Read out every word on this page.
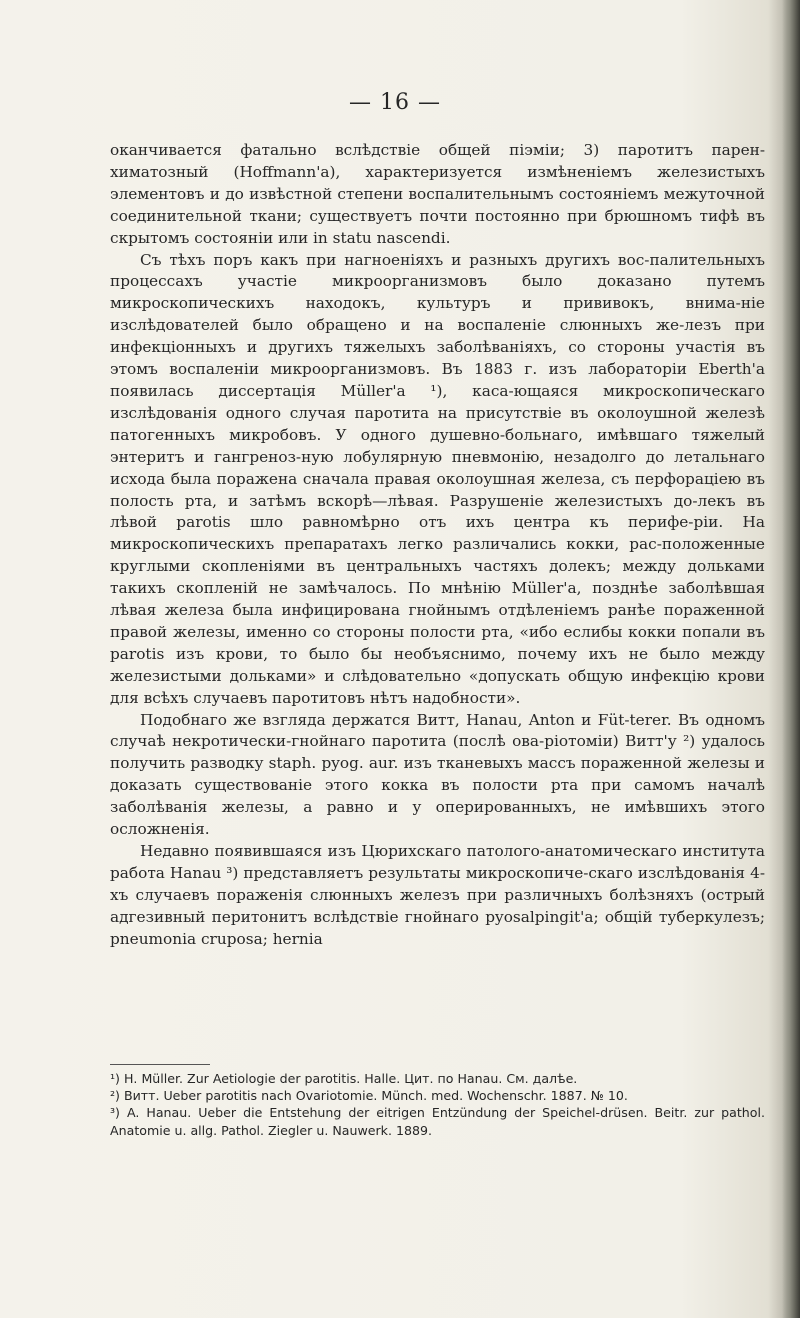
— 16 —

оканчивается фатально вслѣдствіе общей піэміи; 3) паротитъ парен-химатозный (Hoffmann'a), характеризуется измѣненіемъ железистыхъ элементовъ и до извѣстной степени воспалительнымъ состояніемъ межуточной соединительной ткани; существуетъ почти постоянно при брюшномъ тифѣ въ скрытомъ состояніи или in statu nascendi.

Съ тѣхъ поръ какъ при нагноеніяхъ и разныхъ другихъ вос-палительныхъ процессахъ участіе микроорганизмовъ было доказано путемъ микроскопическихъ находокъ, культуръ и прививокъ, внима-ніе изслѣдователей было обращено и на воспаленіе слюнныхъ же-лезъ при инфекціонныхъ и другихъ тяжелыхъ заболѣваніяхъ, со стороны участія въ этомъ воспаленіи микроорганизмовъ. Въ 1883 г. изъ лабораторіи Eberth'а появилась диссертація Müller'а ¹), каса-ющаяся микроскопическаго изслѣдованія одного случая паротита на присутствіе въ околоушной железѣ патогенныхъ микробовъ. У одного душевно-больнаго, имѣвшаго тяжелый энтеритъ и гангреноз-ную лобулярную пневмонію, незадолго до летальнаго исхода была поражена сначала правая околоушная железа, съ перфораціею въ полость рта, и затѣмъ вскорѣ—лѣвая. Разрушеніе железистыхъ до-лекъ въ лѣвой parotis шло равномѣрно отъ ихъ центра къ перифе-ріи. На микроскопическихъ препаратахъ легко различались кокки, рас-положенные круглыми скопленіями въ центральныхъ частяхъ долекъ; между дольками такихъ скопленій не замѣчалось. По мнѣнію Müller'а, позднѣе заболѣвшая лѣвая железа была инфицирована гнойнымъ отдѣленіемъ ранѣе пораженной правой железы, именно со стороны полости рта, «ибо еслибы кокки попали въ parotis изъ крови, то было бы необъяснимо, почему ихъ не было между железистыми дольками» и слѣдовательно «допускать общую инфекцію крови для всѣхъ случаевъ паротитовъ нѣтъ надобности».

Подобнаго же взгляда держатся Витт, Hanau, Anton и Füt-terer. Въ одномъ случаѣ некротически-гнойнаго паротита (послѣ ова-ріотоміи) Витт'у ²) удалось получить разводку staph. pyog. aur. изъ тканевыхъ массъ пораженной железы и доказать существованіе этого кокка въ полости рта при самомъ началѣ заболѣванія железы, а равно и у оперированныхъ, не имѣвшихъ этого осложненія.

Недавно появившаяся изъ Цюрихскаго патолого-анатомическаго института работа Hanau ³) представляетъ результаты микроскопиче-скаго изслѣдованія 4-хъ случаевъ пораженія слюнныхъ железъ при различныхъ болѣзняхъ (острый адгезивный перитонитъ вслѣдствіе гнойнаго pyosalpingit'a; общій туберкулезъ; pneumonia cruposa; hernia

¹) Н. Müller. Zur Aetiologie der parotitis. Halle. Цит. по Hanau. См. далѣе.

²) Витт. Ueber parotitis nach Ovariotomie. Münch. med. Wochenschr. 1887. № 10.

³) A. Hanau. Ueber die Entstehung der eitrigen Entzündung der Speichel-drüsen. Beitr. zur pathol. Anatomie u. allg. Pathol. Ziegler u. Nauwerk. 1889.
